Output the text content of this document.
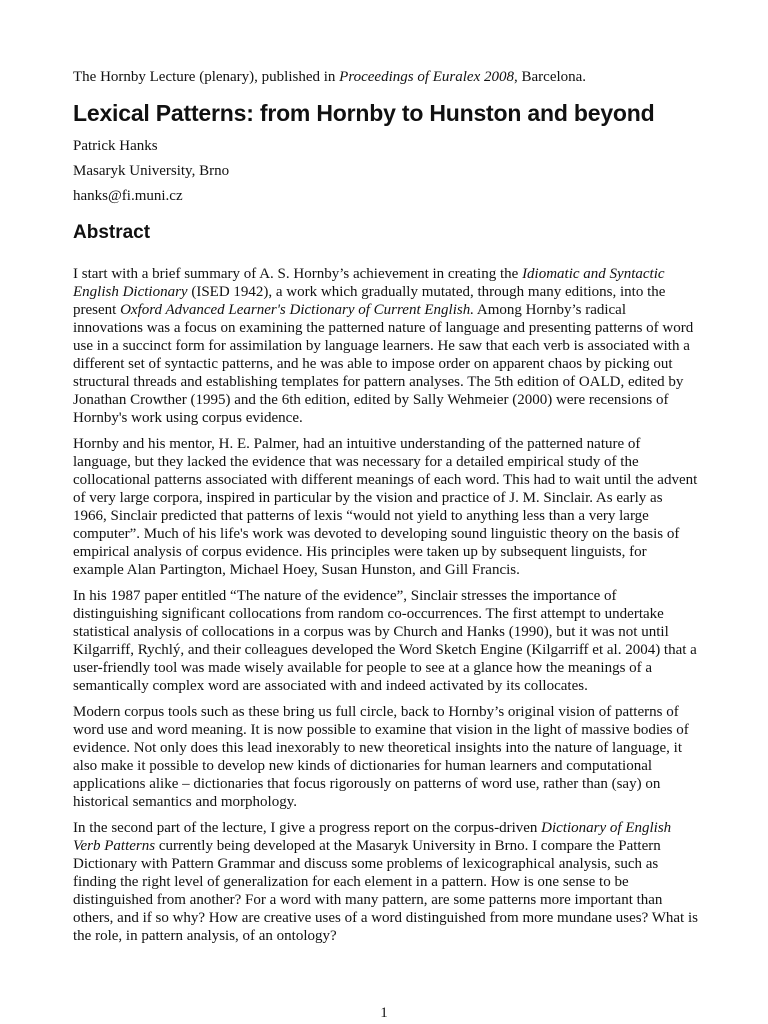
The Hornby Lecture (plenary), published in Proceedings of Euralex 2008, Barcelona.

Lexical Patterns: from Hornby to Hunston and beyond

Patrick Hanks

Masaryk University, Brno

hanks@fi.muni.cz

Abstract

I start with a brief summary of A. S. Hornby’s achievement in creating the Idiomatic and Syntactic English Dictionary (ISED 1942), a work which gradually mutated, through many editions, into the present Oxford Advanced Learner's Dictionary of Current English. Among Hornby’s radical innovations was a focus on examining the patterned nature of language and presenting patterns of word use in a succinct form for assimilation by language learners. He saw that each verb is associated with a different set of syntactic patterns, and he was able to impose order on apparent chaos by picking out structural threads and establishing templates for pattern analyses. The 5th edition of OALD, edited by Jonathan Crowther (1995) and the 6th edition, edited by Sally Wehmeier (2000) were recensions of Hornby's work using corpus evidence.

Hornby and his mentor, H. E. Palmer, had an intuitive understanding of the patterned nature of language, but they lacked the evidence that was necessary for a detailed empirical study of the collocational patterns associated with different meanings of each word. This had to wait until the advent of very large corpora, inspired in particular by the vision and practice of J. M. Sinclair. As early as 1966, Sinclair predicted that patterns of lexis “would not yield to anything less than a very large computer”. Much of his life's work was devoted to developing sound linguistic theory on the basis of empirical analysis of corpus evidence. His principles were taken up by subsequent linguists, for example Alan Partington, Michael Hoey, Susan Hunston, and Gill Francis.

In his 1987 paper entitled “The nature of the evidence”, Sinclair stresses the importance of distinguishing significant collocations from random co-occurrences. The first attempt to undertake statistical analysis of collocations in a corpus was by Church and Hanks (1990), but it was not until Kilgarriff, Rychlý, and their colleagues developed the Word Sketch Engine (Kilgarriff et al. 2004) that a user-friendly tool was made wisely available for people to see at a glance how the meanings of a semantically complex word are associated with and indeed activated by its collocates.

Modern corpus tools such as these bring us full circle, back to Hornby’s original vision of patterns of word use and word meaning. It is now possible to examine that vision in the light of massive bodies of evidence. Not only does this lead inexorably to new theoretical insights into the nature of language, it also make it possible to develop new kinds of dictionaries for human learners and computational applications alike – dictionaries that focus rigorously on patterns of word use, rather than (say) on historical semantics and morphology.

In the second part of the lecture, I give a progress report on the corpus-driven Dictionary of English Verb Patterns currently being developed at the Masaryk University in Brno. I compare the Pattern Dictionary with Pattern Grammar and discuss some problems of lexicographical analysis, such as finding the right level of generalization for each element in a pattern. How is one sense to be distinguished from another? For a word with many pattern, are some patterns more important than others, and if so why? How are creative uses of a word distinguished from more mundane uses? What is the role, in pattern analysis, of an ontology?

1
